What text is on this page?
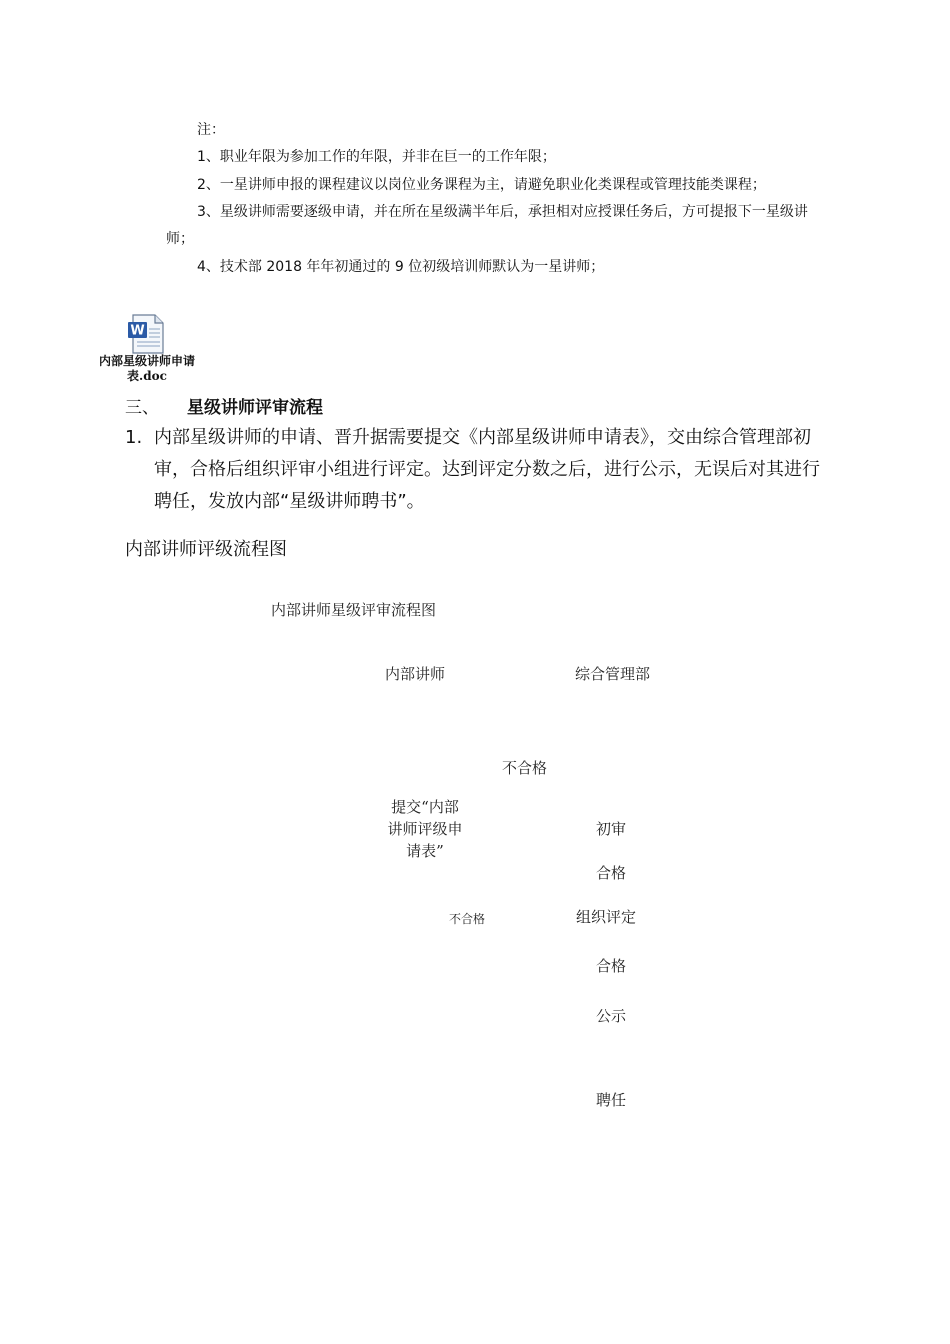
注：
1、职业年限为参加工作的年限，并非在巨一的工作年限；
2、一星讲师申报的课程建议以岗位业务课程为主，请避免职业化类课程或管理技能类课程；
3、星级讲师需要逐级申请，并在所在星级满半年后，承担相对应授课任务后，方可提报下一星级讲
师；
4、技术部 2018 年年初通过的 9 位初级培训师默认为一星讲师；
W
内部星级讲师申请
表.doc
三、 星级讲师评审流程
1. 内部星级讲师的申请、晋升据需要提交《内部星级讲师申请表》，交由综合管理部初
审，合格后组织评审小组进行评定。达到评定分数之后，进行公示，无误后对其进行
聘任，发放内部“星级讲师聘书”。
内部讲师评级流程图
内部讲师星级评审流程图
内部讲师	综合管理部
不合格
提交“内部
讲师评级申
请表”
初审
合格
不合格	组织评定
合格
公示
聘任
